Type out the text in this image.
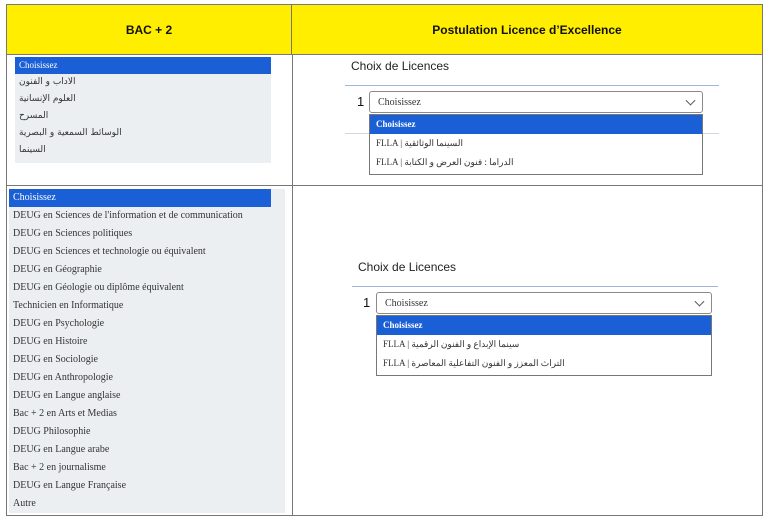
BAC + 2	Postulation Licence d’Excellence
Choisissez
الاداب و الفنون
العلوم الإنسانية
المسرح
الوسائط السمعية و البصرية
السينما
Choisissez
DEUG en Sciences de l'information et de communication
DEUG en Sciences politiques
DEUG en Sciences et technologie ou équivalent
DEUG en Géographie
DEUG en Géologie ou diplôme équivalent
Technicien en Informatique
DEUG en Psychologie
DEUG en Histoire
DEUG en Sociologie
DEUG en Anthropologie
DEUG en Langue anglaise
Bac + 2 en Arts et Medias
DEUG Philosophie
DEUG en Langue arabe
Bac + 2 en journalisme
DEUG en Langue Française
Autre
Choix de Licences
1 Choisissez
Choisissez
FLLA | السينما الوثائقية
FLLA | الدراما : فنون العرض و الكتابة
Choix de Licences
1 Choisissez
Choisissez
FLLA | سينما الإبداع و الفنون الرقمية
FLLA | التراث المعزز و الفنون التفاعلية المعاصرة
